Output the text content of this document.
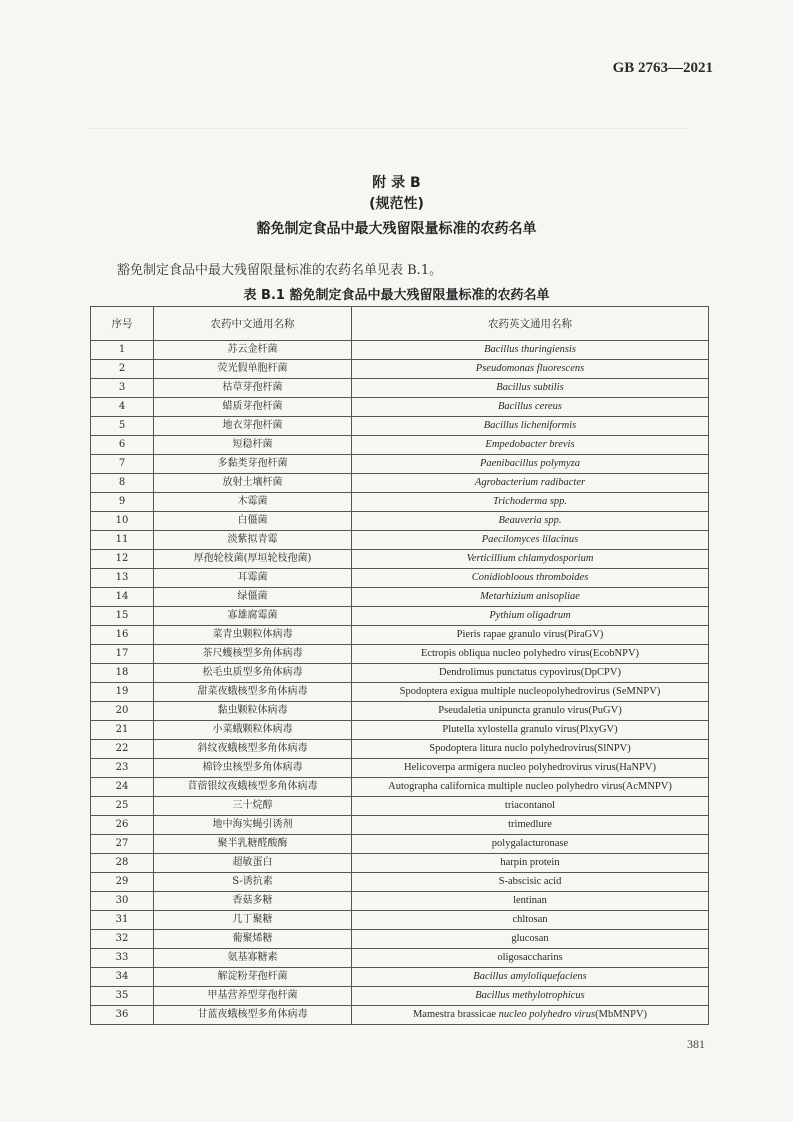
GB 2763—2021
附 录 B
(规范性)
豁免制定食品中最大残留限量标准的农药名单
豁免制定食品中最大残留限量标准的农药名单见表 B.1。
表 B.1 豁免制定食品中最大残留限量标准的农药名单
序号	农药中文通用名称	农药英文通用名称
1	苏云金杆菌	Bacillus thuringiensis
2	荧光假单胞杆菌	Pseudomonas fluorescens
3	枯草芽孢杆菌	Bacillus subtilis
4	蜡质芽孢杆菌	Bacillus cereus
5	地衣芽孢杆菌	Bacillus licheniformis
6	短稳杆菌	Empedobacter brevis
7	多黏类芽孢杆菌	Paenibacillus polymyza
8	放射土壤杆菌	Agrobacterium radibacter
9	木霉菌	Trichoderma spp.
10	白僵菌	Beauveria spp.
11	淡紫拟青霉	Paecilomyces lilacinus
12	厚孢轮枝菌(厚垣轮枝孢菌)	Verticillium chlamydosporium
13	耳霉菌	Conidiobloous thromboides
14	绿僵菌	Metarhizium anisopliae
15	寡雄腐霉菌	Pythium oligadrum
16	菜青虫颗粒体病毒	Pieris rapae granulo virus(PiraGV)
17	茶尺蠖核型多角体病毒	Ectropis obliqua nucleo polyhedro virus(EcobNPV)
18	松毛虫质型多角体病毒	Dendrolimus punctatus cypovirus(DpCPV)
19	甜菜夜蛾核型多角体病毒	Spodoptera exigua multiple nucleopolyhedrovirus (SeMNPV)
20	黏虫颗粒体病毒	Pseudaletia unipuncta granulo virus(PuGV)
21	小菜蛾颗粒体病毒	Plutella xylostella granulo virus(PlxyGV)
22	斜纹夜蛾核型多角体病毒	Spodoptera litura nuclo polyhedrovirus(SlNPV)
23	棉铃虫核型多角体病毒	Helicoverpa armigera nucleo polyhedrovirus virus(HaNPV)
24	苜蓿银纹夜蛾核型多角体病毒	Autographa californica multiple nucleo polyhedro virus(AcMNPV)
25	三十烷醇	triacontanol
26	地中海实蝇引诱剂	trimedlure
27	聚半乳糖醛酸酶	polygalacturonase
28	超敏蛋白	harpin protein
29	S-诱抗素	S-abscisic acid
30	香菇多糖	lentinan
31	几丁聚糖	chltosan
32	葡聚烯糖	glucosan
33	氨基寡糖素	oligosaccharins
34	解淀粉芽孢杆菌	Bacillus amyloliquefaciens
35	甲基营养型芽孢杆菌	Bacillus methylotrophicus
36	甘蓝夜蛾核型多角体病毒	Mamestra brassicae nucleo polyhedro virus(MbMNPV)
381
